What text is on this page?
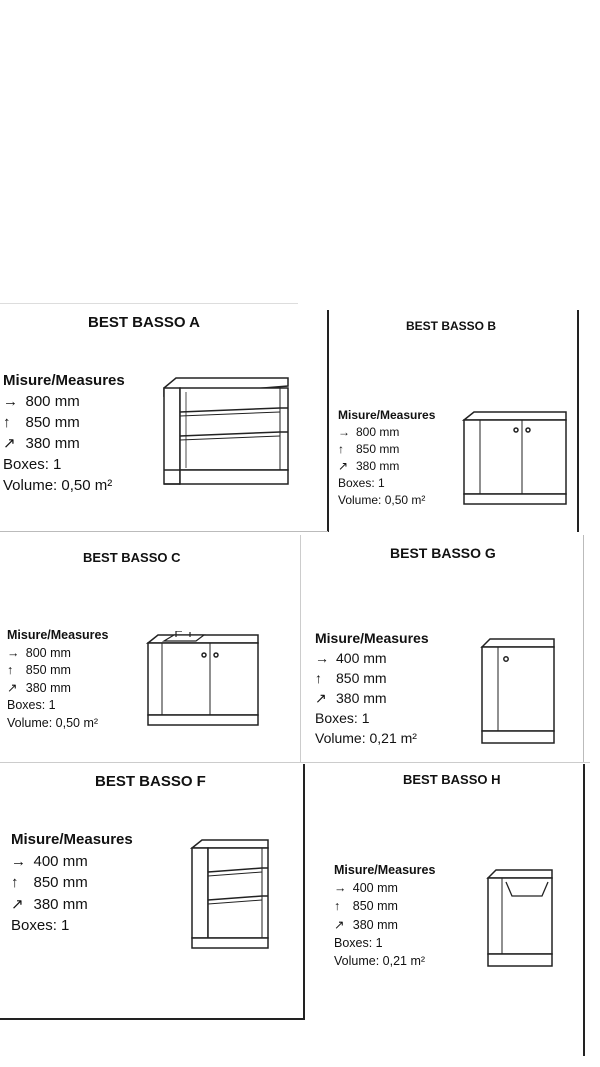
BEST BASSO A
Misure/Measures
→ 800 mm
↑ 850 mm
↗ 380 mm
Boxes: 1
Volume: 0,50 m²
BEST BASSO B
Misure/Measures
→ 800 mm
↑ 850 mm
↗ 380 mm
Boxes: 1
Volume: 0,50 m²
BEST BASSO C
Misure/Measures
→ 800 mm
↑ 850 mm
↗ 380 mm
Boxes: 1
Volume: 0,50 m²
BEST BASSO G
Misure/Measures
→ 400 mm
↑ 850 mm
↗ 380 mm
Boxes: 1
Volume: 0,21 m²
BEST BASSO F
Misure/Measures
→ 400 mm
↑ 850 mm
↗ 380 mm
Boxes: 1
BEST BASSO H
Misure/Measures
→ 400 mm
↑ 850 mm
↗ 380 mm
Boxes: 1
Volume: 0,21 m²
